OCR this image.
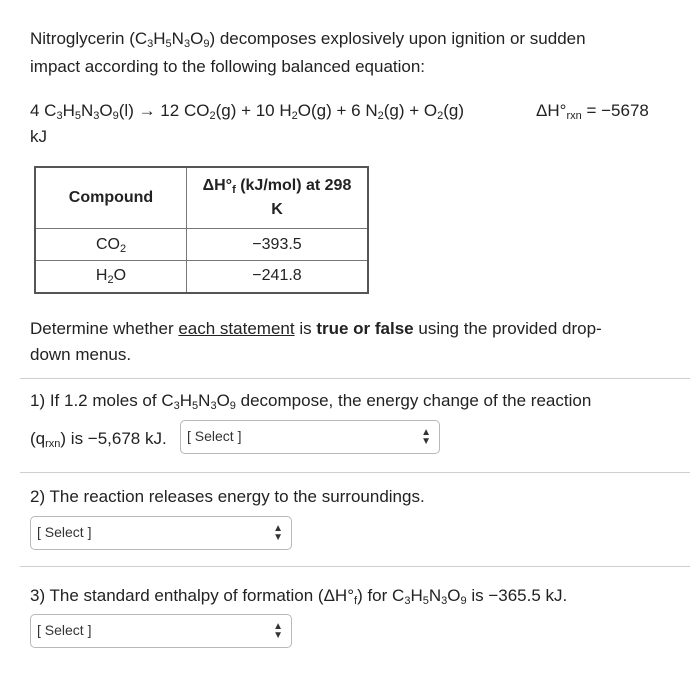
Nitroglycerin $(C_3H_5N_3O_9)$ decomposes explosively upon ignition or sudden
impact according to the following balanced equation:
4 $C_3H_5N_3O_9(l) \to 12$ $CO_2(g) + 10$ $H_2O(g) + 6$ $N_2(g) + O_2(g)$	$\Delta H^\circ_{rxn} = -5678$
kJ
Compound	$\Delta H^\circ_f$ (kJ/mol) at 298
K
$CO_2$	−393.5
$H_2O$	−241.8
Determine whether each statement is true or false using the provided drop-
down menus.
1) If 1.2 moles of $C_3H_5N_3O_9$ decompose, the energy change of the reaction
$(q_{rxn})$ is −5,678 kJ. [ Select ]	▲
▼
2) The reaction releases energy to the surroundings.
[ Select ]	▲
▼
3) The standard enthalpy of formation $(\Delta H^\circ_f)$ for $C_3H_5N_3O_9$ is −365.5 kJ.
[ Select ]	▲
▼
